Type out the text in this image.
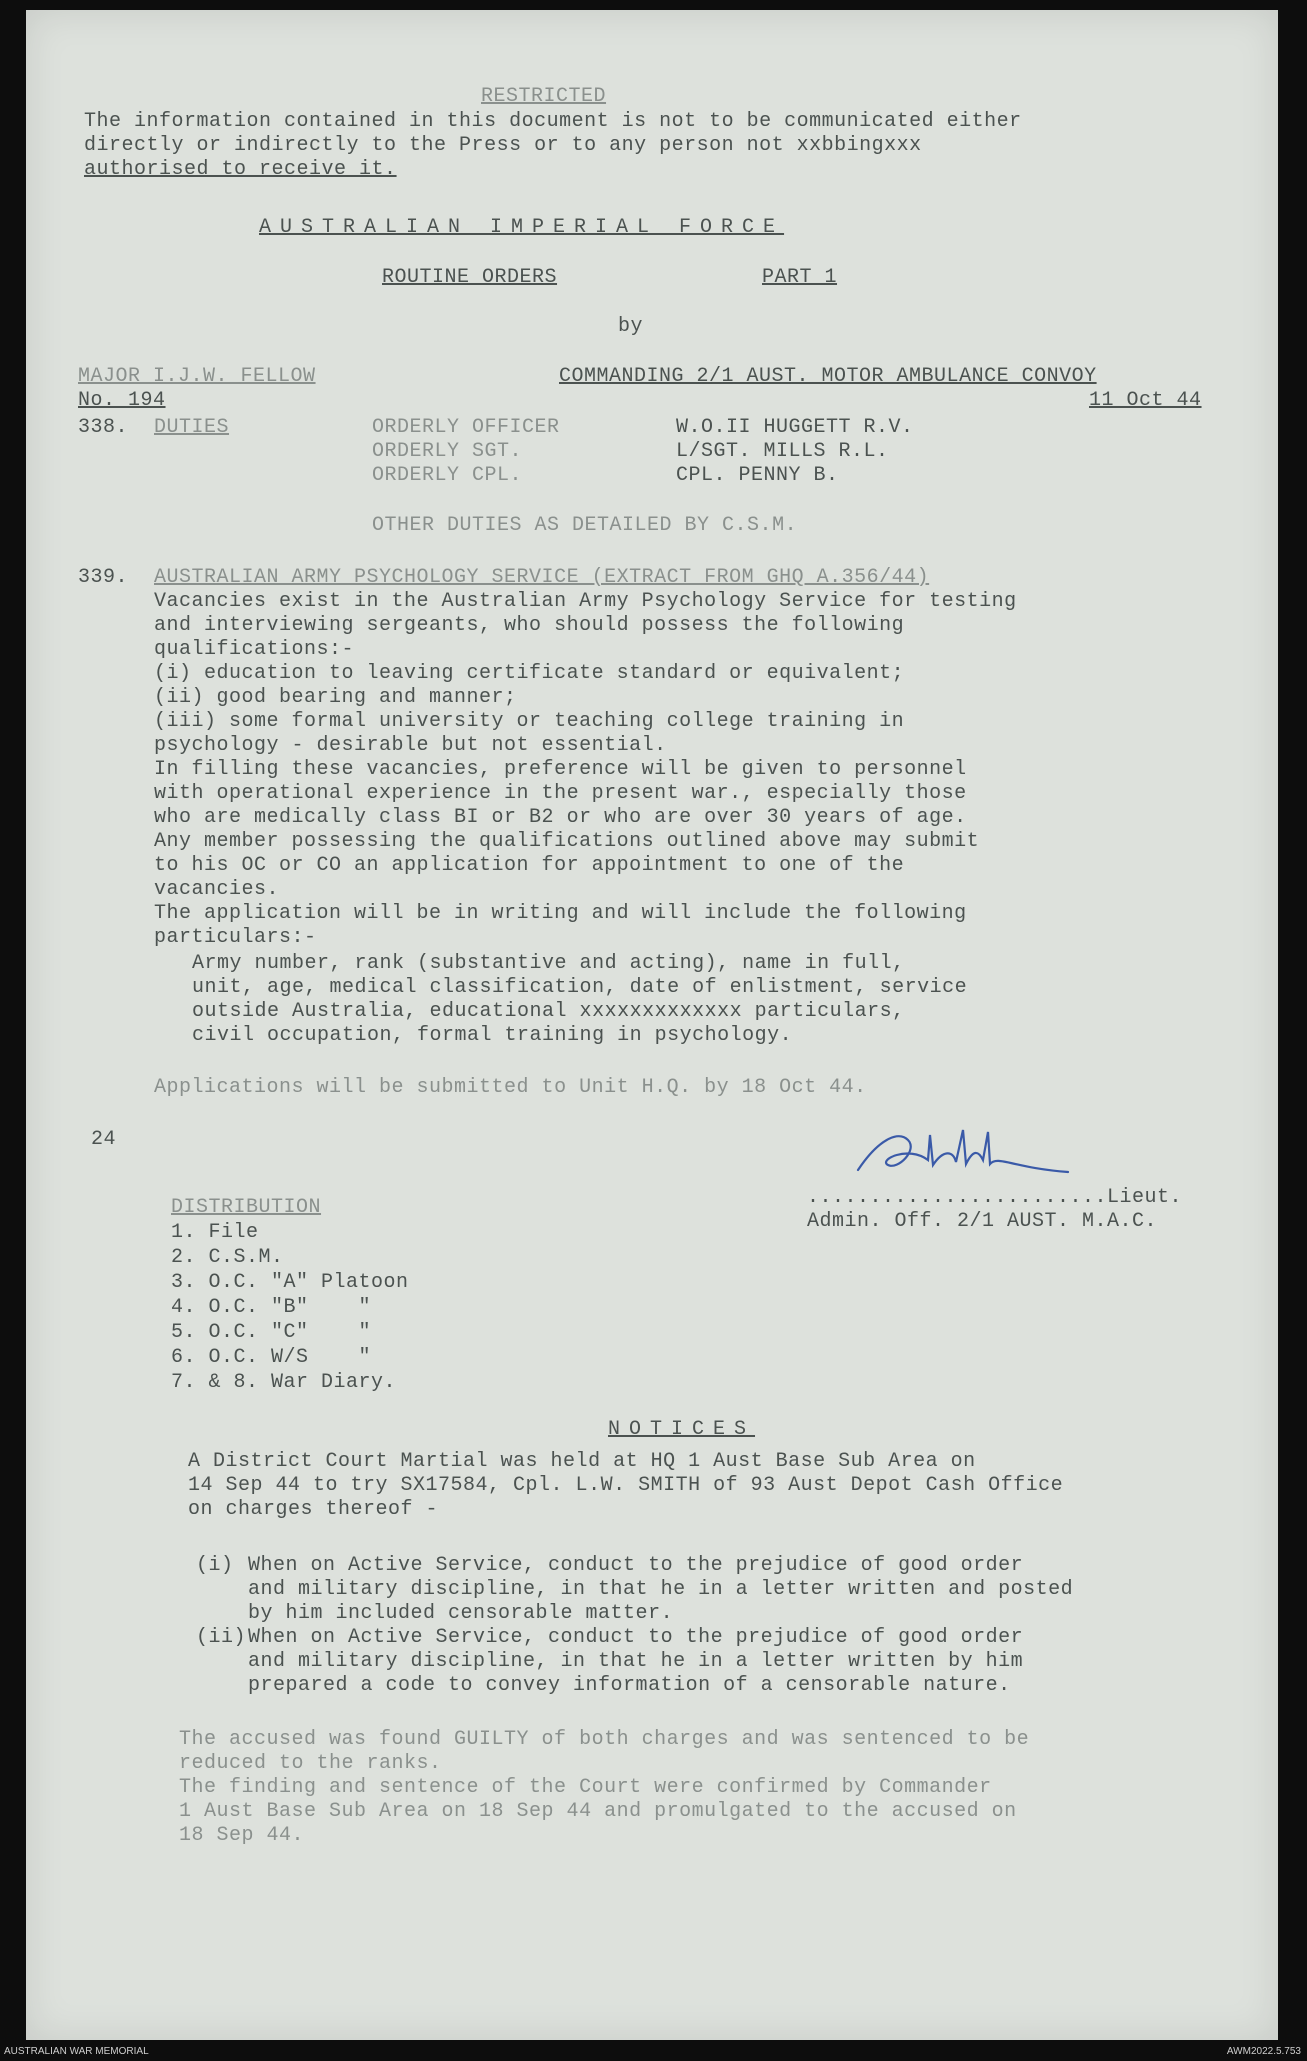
RESTRICTED
The information contained in this document is not to be communicated either
directly or indirectly to the Press or to any person not xxbbingxxx
authorised to receive it.
AUSTRALIAN IMPERIAL FORCE
ROUTINE ORDERS	PART 1
by
MAJOR I.J.W. FELLOW	COMMANDING 2/1 AUST. MOTOR AMBULANCE CONVOY
No. 194	11 Oct 44
338. DUTIES	ORDERLY OFFICER	W.O.II HUGGETT R.V.
ORDERLY SGT.	L/SGT. MILLS R.L.
ORDERLY CPL.	CPL. PENNY B.
OTHER DUTIES AS DETAILED BY C.S.M.
339. AUSTRALIAN ARMY PSYCHOLOGY SERVICE (EXTRACT FROM GHQ A.356/44)
Vacancies exist in the Australian Army Psychology Service for testing
and interviewing sergeants, who should possess the following
qualifications:-
(i) education to leaving certificate standard or equivalent;
(ii) good bearing and manner;
(iii) some formal university or teaching college training in
psychology - desirable but not essential.
In filling these vacancies, preference will be given to personnel
with operational experience in the present war., especially those
who are medically class BI or B2 or who are over 30 years of age.
Any member possessing the qualifications outlined above may submit
to his OC or CO an application for appointment to one of the
vacancies.
The application will be in writing and will include the following
particulars:-
Army number, rank (substantive and acting), name in full,
unit, age, medical classification, date of enlistment, service
outside Australia, educational xxxxxxxxxxxxx particulars,
civil occupation, formal training in psychology.
Applications will be submitted to Unit H.Q. by 18 Oct 44.
24
........................Lieut.
Admin. Off. 2/1 AUST. M.A.C.
DISTRIBUTION
1. File
2. C.S.M.
3. O.C. "A" Platoon
4. O.C. "B"    "
5. O.C. "C"    "
6. O.C. W/S    "
7. & 8. War Diary.
NOTICES
A District Court Martial was held at HQ 1 Aust Base Sub Area on
14 Sep 44 to try SX17584, Cpl. L.W. SMITH of 93 Aust Depot Cash Office
on charges thereof -
(i) When on Active Service, conduct to the prejudice of good order
and military discipline, in that he in a letter written and posted
by him included censorable matter.
(ii) When on Active Service, conduct to the prejudice of good order
and military discipline, in that he in a letter written by him
prepared a code to convey information of a censorable nature.
The accused was found GUILTY of both charges and was sentenced to be
reduced to the ranks.
The finding and sentence of the Court were confirmed by Commander
1 Aust Base Sub Area on 18 Sep 44 and promulgated to the accused on
18 Sep 44.
AUSTRALIAN WAR MEMORIAL	AWM2022.5.753
